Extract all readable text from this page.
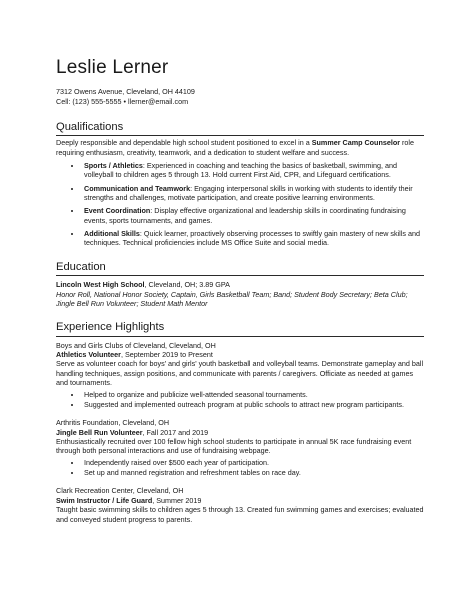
Leslie Lerner

7312 Owens Avenue, Cleveland, OH 44109

Cell: (123) 555-5555 • llerner@email.com

Qualifications

Deeply responsible and dependable high school student positioned to excel in a Summer Camp Counselor role requiring enthusiasm, creativity, teamwork, and a dedication to student welfare and success.

• Sports / Athletics: Experienced in coaching and teaching the basics of basketball, swimming, and volleyball to children ages 5 through 13. Hold current First Aid, CPR, and Lifeguard certifications.
• Communication and Teamwork: Engaging interpersonal skills in working with students to identify their strengths and challenges, motivate participation, and create positive learning environments.
• Event Coordination: Display effective organizational and leadership skills in coordinating fundraising events, sports tournaments, and games.
• Additional Skills: Quick learner, proactively observing processes to swiftly gain mastery of new skills and techniques. Technical proficiencies include MS Office Suite and social media.
Education

Lincoln West High School, Cleveland, OH; 3.89 GPA

Honor Roll, National Honor Society, Captain, Girls Basketball Team; Band; Student Body Secretary; Beta Club; Jingle Bell Run Volunteer; Student Math Mentor

Experience Highlights

Boys and Girls Clubs of Cleveland, Cleveland, OH

Athletics Volunteer, September 2019 to Present

Serve as volunteer coach for boys' and girls' youth basketball and volleyball teams. Demonstrate gameplay and ball handling techniques, assign positions, and communicate with parents / caregivers. Officiate as needed at games and tournaments.

• Helped to organize and publicize well-attended seasonal tournaments.
• Suggested and implemented outreach program at public schools to attract new program participants.

Arthritis Foundation, Cleveland, OH

Jingle Bell Run Volunteer, Fall 2017 and 2019

Enthusiastically recruited over 100 fellow high school students to participate in annual 5K race fundraising event through both personal interactions and use of fundraising webpage.

• Independently raised over $500 each year of participation.
• Set up and manned registration and refreshment tables on race day.

Clark Recreation Center, Cleveland, OH

Swim Instructor / Life Guard, Summer 2019

Taught basic swimming skills to children ages 5 through 13. Created fun swimming games and exercises; evaluated and conveyed student progress to parents.
